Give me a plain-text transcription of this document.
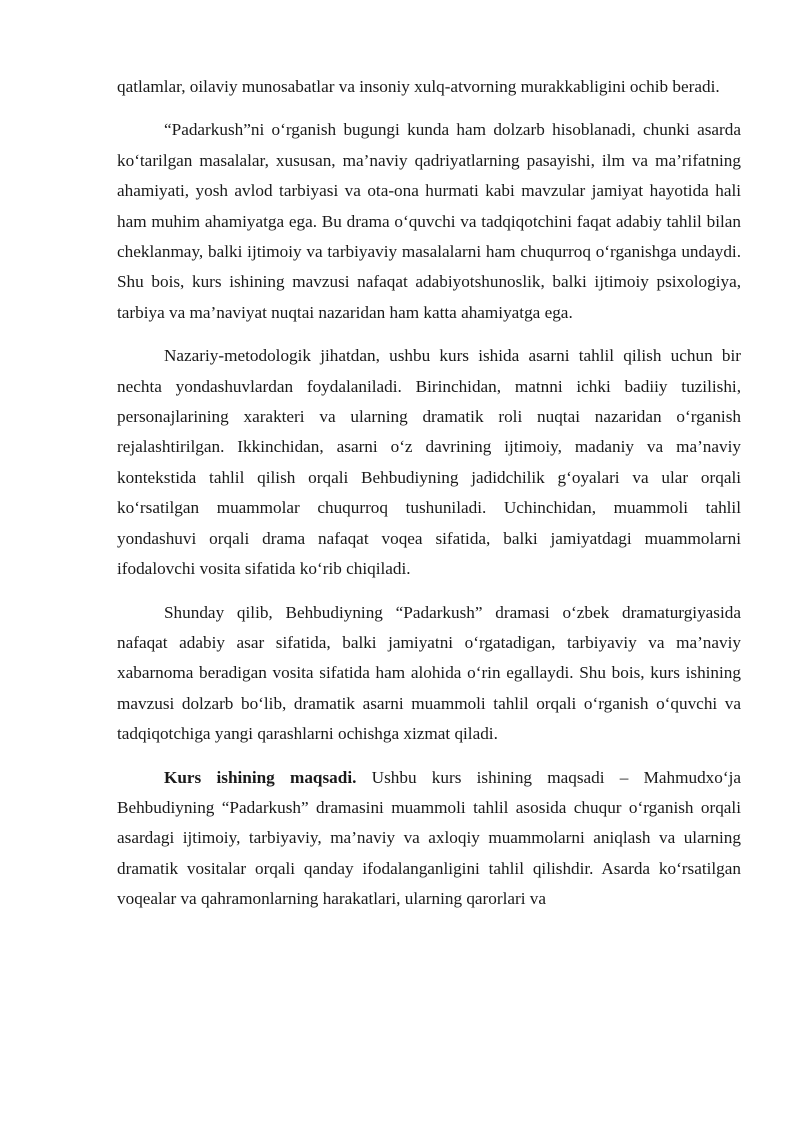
qatlamlar, oilaviy munosabatlar va insoniy xulq-atvorning murakkabligini ochib beradi.

“Padarkush”ni o‘rganish bugungi kunda ham dolzarb hisoblanadi, chunki asarda ko‘tarilgan masalalar, xususan, ma’naviy qadriyatlarning pasayishi, ilm va ma’rifatning ahamiyati, yosh avlod tarbiyasi va ota-ona hurmati kabi mavzular jamiyat hayotida hali ham muhim ahamiyatga ega. Bu drama o‘quvchi va tadqiqotchini faqat adabiy tahlil bilan cheklanmay, balki ijtimoiy va tarbiyaviy masalalarni ham chuqurroq o‘rganishga undaydi. Shu bois, kurs ishining mavzusi nafaqat adabiyotshunoslik, balki ijtimoiy psixologiya, tarbiya va ma’naviyat nuqtai nazaridan ham katta ahamiyatga ega.

Nazariy-metodologik jihatdan, ushbu kurs ishida asarni tahlil qilish uchun bir nechta yondashuvlardan foydalaniladi. Birinchidan, matnni ichki badiiy tuzilishi, personajlarining xarakteri va ularning dramatik roli nuqtai nazaridan o‘rganish rejalashtirilgan. Ikkinchidan, asarni o‘z davrining ijtimoiy, madaniy va ma’naviy kontekstida tahlil qilish orqali Behbudiyning jadidchilik g‘oyalari va ular orqali ko‘rsatilgan muammolar chuqurroq tushuniladi. Uchinchidan, muammoli tahlil yondashuvi orqali drama nafaqat voqea sifatida, balki jamiyatdagi muammolarni ifodalovchi vosita sifatida ko‘rib chiqiladi.

Shunday qilib, Behbudiyning “Padarkush” dramasi o‘zbek dramaturgiyasida nafaqat adabiy asar sifatida, balki jamiyatni o‘rgatadigan, tarbiyaviy va ma’naviy xabarnoma beradigan vosita sifatida ham alohida o‘rin egallaydi. Shu bois, kurs ishining mavzusi dolzarb bo‘lib, dramatik asarni muammoli tahlil orqali o‘rganish o‘quvchi va tadqiqotchiga yangi qarashlarni ochishga xizmat qiladi.

Kurs ishining maqsadi. Ushbu kurs ishining maqsadi – Mahmudxo‘ja Behbudiyning “Padarkush” dramasini muammoli tahlil asosida chuqur o‘rganish orqali asardagi ijtimoiy, tarbiyaviy, ma’naviy va axloqiy muammolarni aniqlash va ularning dramatik vositalar orqali qanday ifodalanganligini tahlil qilishdir. Asarda ko‘rsatilgan voqealar va qahramonlarning harakatlari, ularning qarorlari va
